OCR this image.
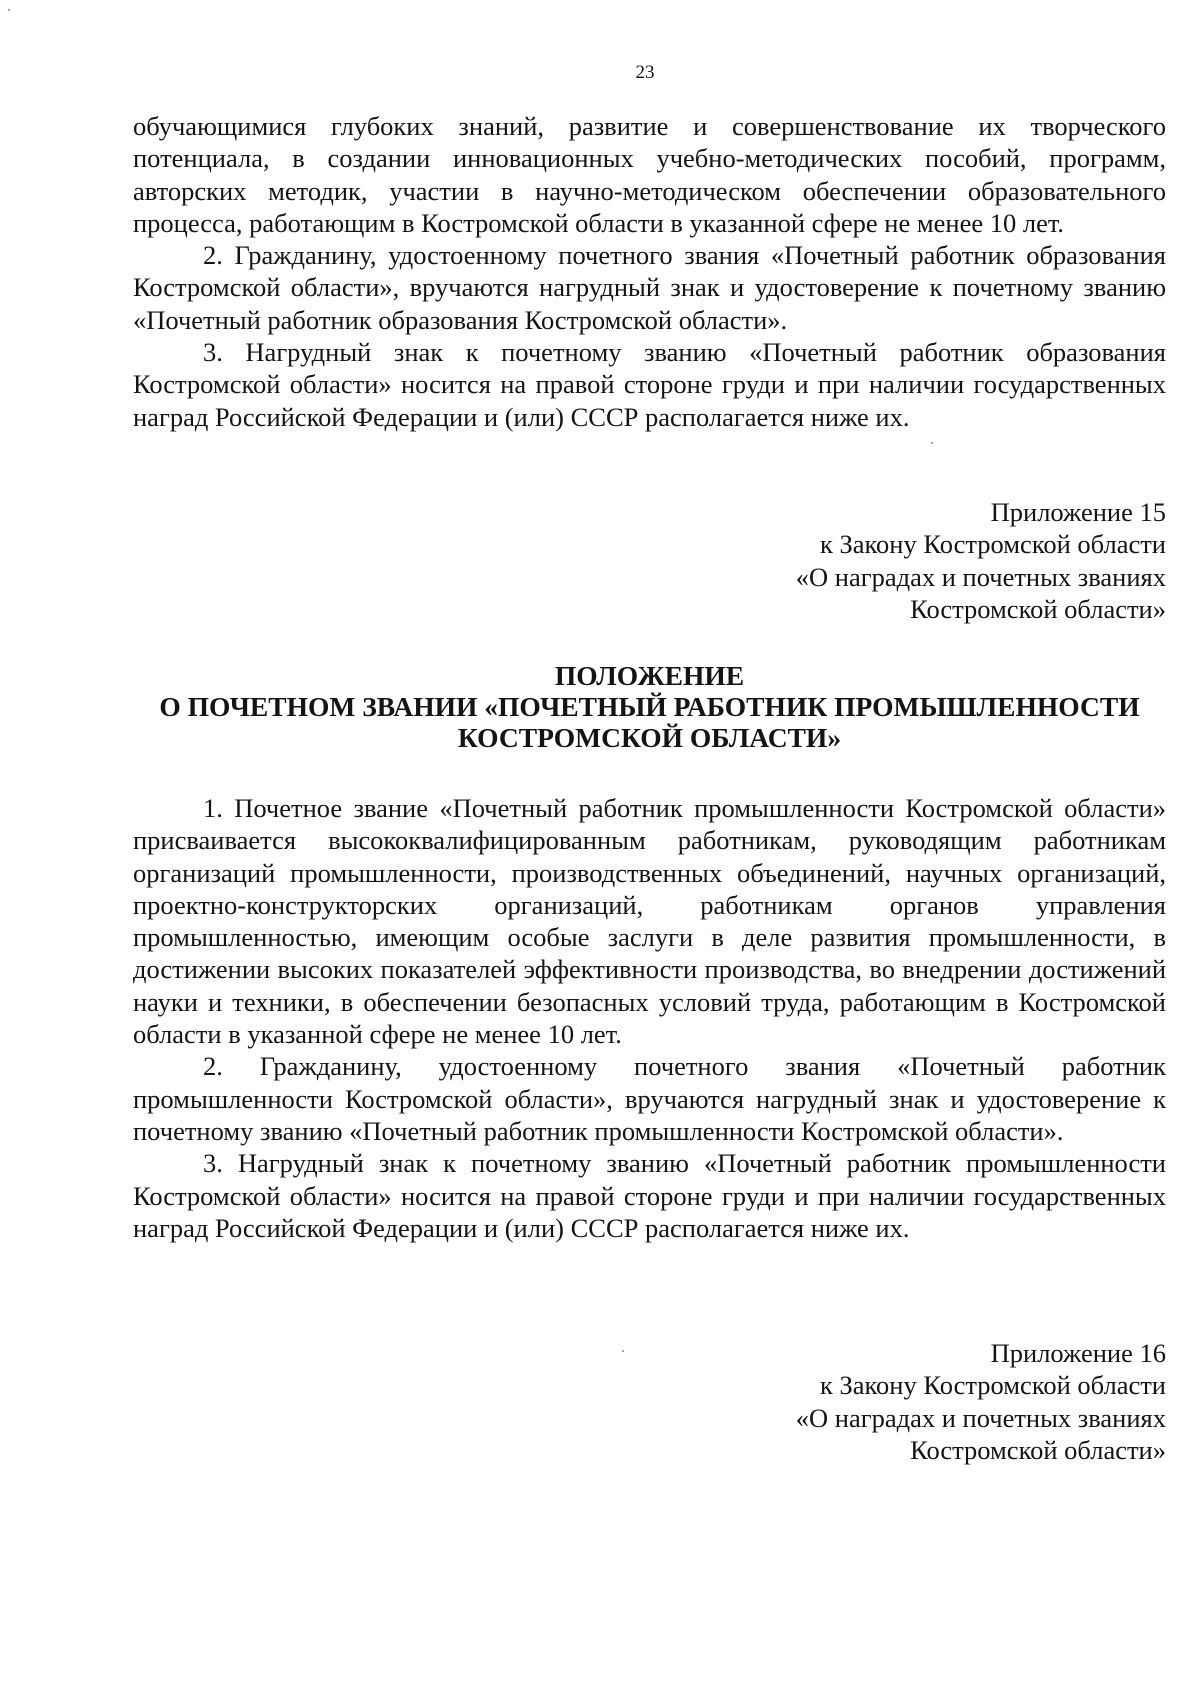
23

обучающимися глубоких знаний, развитие и совершенствование их творческого потенциала, в создании инновационных учебно-методических пособий, программ, авторских методик, участии в научно-методическом обеспечении образовательного процесса, работающим в Костромской области в указанной сфере не менее 10 лет.

2. Гражданину, удостоенному почетного звания «Почетный работник образования Костромской области», вручаются нагрудный знак и удостоверение к почетному званию «Почетный работник образования Костромской области».

3. Нагрудный знак к почетному званию «Почетный работник образования Костромской области» носится на правой стороне груди и при наличии государственных наград Российской Федерации и (или) СССР располагается ниже их.

Приложение 15
к Закону Костромской области
«О наградах и почетных званиях
Костромской области»
ПОЛОЖЕНИЕ
О ПОЧЕТНОМ ЗВАНИИ «ПОЧЕТНЫЙ РАБОТНИК ПРОМЫШЛЕННОСТИ
КОСТРОМСКОЙ ОБЛАСТИ»

1. Почетное звание «Почетный работник промышленности Костромской области» присваивается высококвалифицированным работникам, руководящим работникам организаций промышленности, производственных объединений, научных организаций, проектно-конструкторских организаций, работникам органов управления промышленностью, имеющим особые заслуги в деле развития промышленности, в достижении высоких показателей эффективности производства, во внедрении достижений науки и техники, в обеспечении безопасных условий труда, работающим в Костромской области в указанной сфере не менее 10 лет.

2. Гражданину, удостоенному почетного звания «Почетный работник промышленности Костромской области», вручаются нагрудный знак и удостоверение к почетному званию «Почетный работник промышленности Костромской области».

3. Нагрудный знак к почетному званию «Почетный работник промышленности Костромской области» носится на правой стороне груди и при наличии государственных наград Российской Федерации и (или) СССР располагается ниже их.

Приложение 16
к Закону Костромской области
«О наградах и почетных званиях
Костромской области»
